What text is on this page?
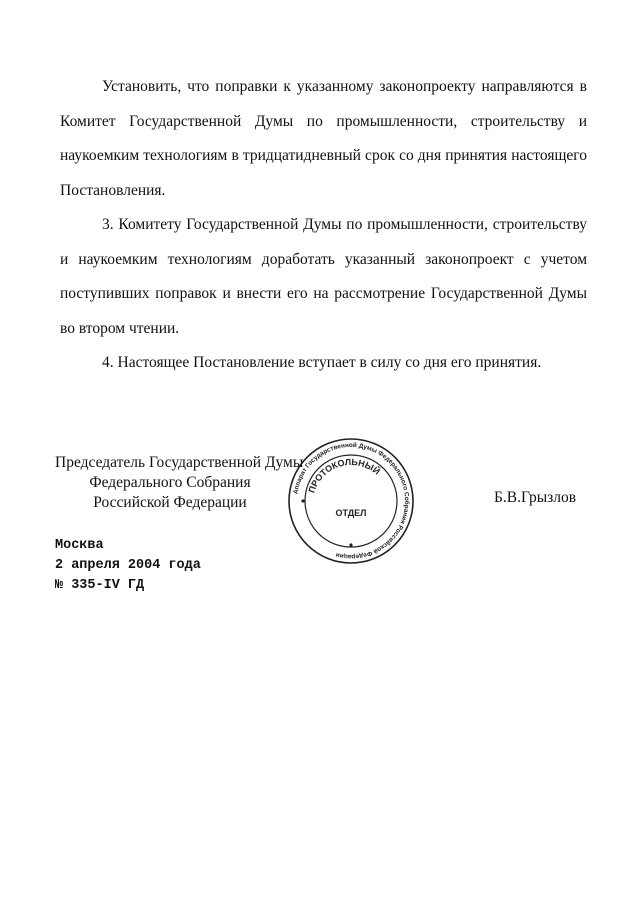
Установить, что поправки к указанному законопроекту направляются в Комитет Государственной Думы по промышленности, строительству и наукоемким технологиям в тридцатидневный срок со дня принятия настоящего Постановления.

3. Комитету Государственной Думы по промышленности, строительству и наукоемким технологиям доработать указанный законопроект с учетом поступивших поправок и внести его на рассмотрение Государственной Думы во втором чтении.

4. Настоящее Постановление вступает в силу со дня его принятия.

Председатель Государственной Думы
Федерального Собрания
Российской Федерации
Аппарат Государственной Думы Федерального Собрания Российской Федерации
ПРОТОКОЛЬНЫЙ
ОТДЕЛ
Б.В.Грызлов
Москва
2 апреля 2004 года
№ 335-IV ГД
